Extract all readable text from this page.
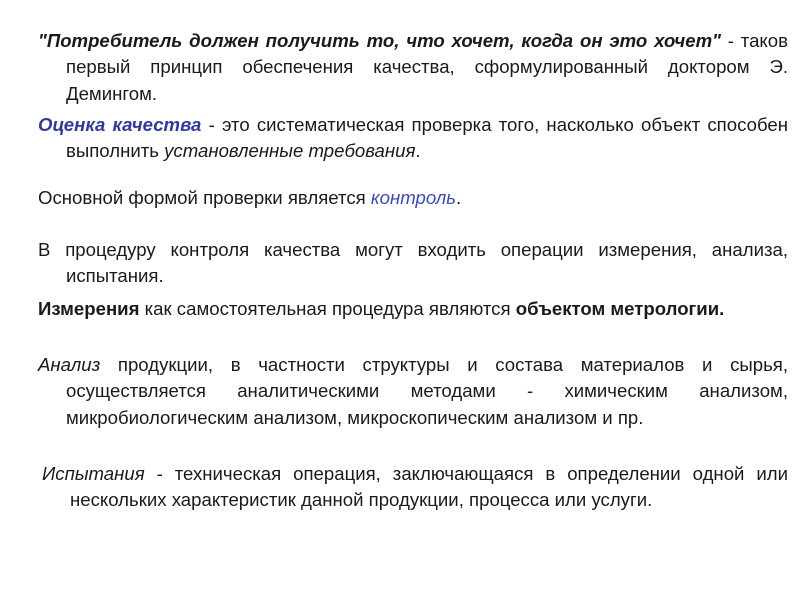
"Потребитель должен получить то, что хочет, когда он это хочет" - таков первый принцип обеспечения качества, сформулированный доктором Э. Демингом.

Оценка качества - это систематическая проверка того, насколько объект способен выполнить установленные требования.

Основной формой проверки является контроль.

В процедуру контроля качества могут входить операции измерения, анализа, испытания.

Измерения как самостоятельная процедура являются объектом метрологии.

Анализ продукции, в частности структуры и состава материалов и сырья, осуществляется аналитическими методами - химическим анализом, микробиологическим анализом, микроскопическим анализом и пр.

Испытания - техническая операция, заключающаяся в определении одной или нескольких характеристик данной продукции, процесса или услуги.
